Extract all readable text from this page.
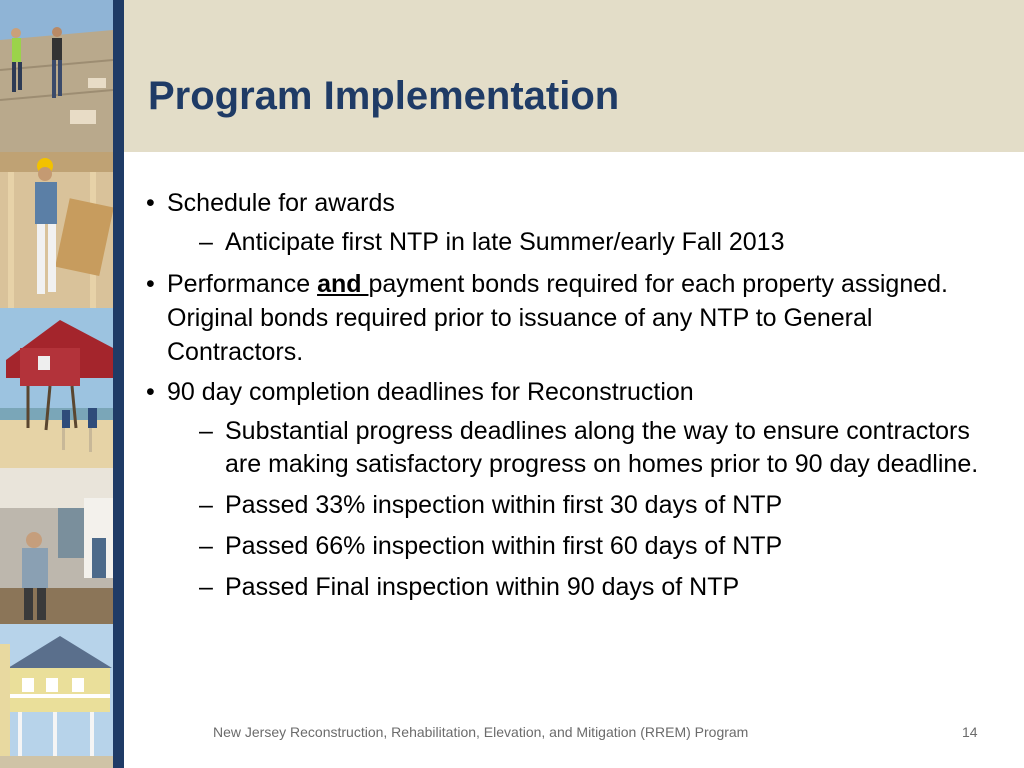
Program Implementation
• Schedule for awards
– Anticipate first NTP in late Summer/early Fall 2013
• Performance and payment bonds required for each property assigned. Original bonds required prior to issuance of any NTP to General Contractors.
• 90 day completion deadlines for Reconstruction
– Substantial progress deadlines along the way to ensure contractors are making satisfactory progress on homes prior to 90 day deadline.
– Passed 33% inspection within first 30 days of NTP
– Passed 66% inspection within first 60 days of NTP
– Passed Final inspection within 90 days of NTP
New Jersey Reconstruction, Rehabilitation, Elevation, and Mitigation (RREM) Program	14
